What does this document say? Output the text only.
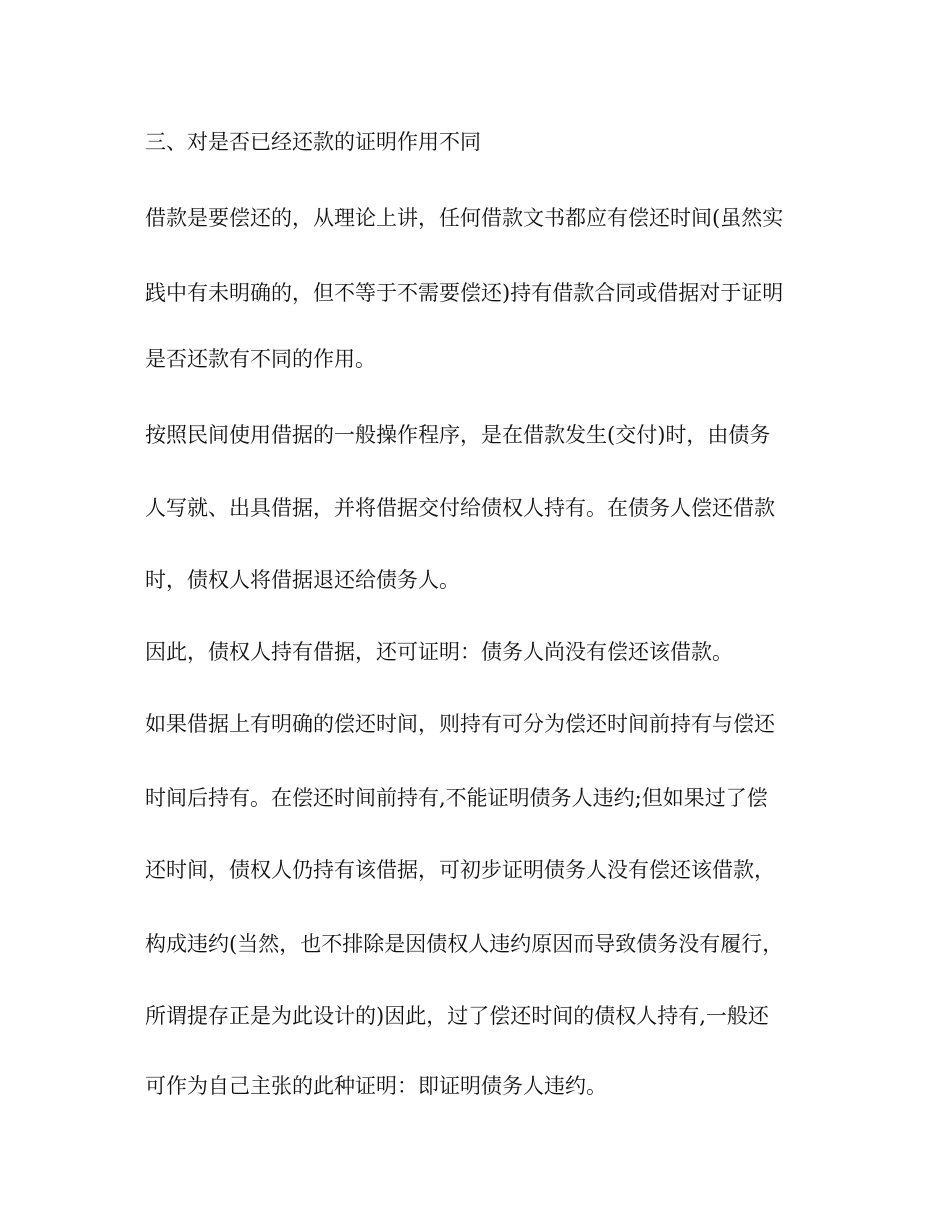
三、对是否已经还款的证明作用不同
借款是要偿还的，从理论上讲，任何借款文书都应有偿还时间(虽然实
践中有未明确的，但不等于不需要偿还)持有借款合同或借据对于证明
是否还款有不同的作用。
按照民间使用借据的一般操作程序，是在借款发生(交付)时，由债务
人写就、出具借据，并将借据交付给债权人持有。在债务人偿还借款
时，债权人将借据退还给债务人。
因此，债权人持有借据，还可证明：债务人尚没有偿还该借款。
如果借据上有明确的偿还时间，则持有可分为偿还时间前持有与偿还
时间后持有。在偿还时间前持有,不能证明债务人违约;但如果过了偿
还时间，债权人仍持有该借据，可初步证明债务人没有偿还该借款，
构成违约(当然，也不排除是因债权人违约原因而导致债务没有履行，
所谓提存正是为此设计的)因此，过了偿还时间的债权人持有,一般还
可作为自己主张的此种证明：即证明债务人违约。
